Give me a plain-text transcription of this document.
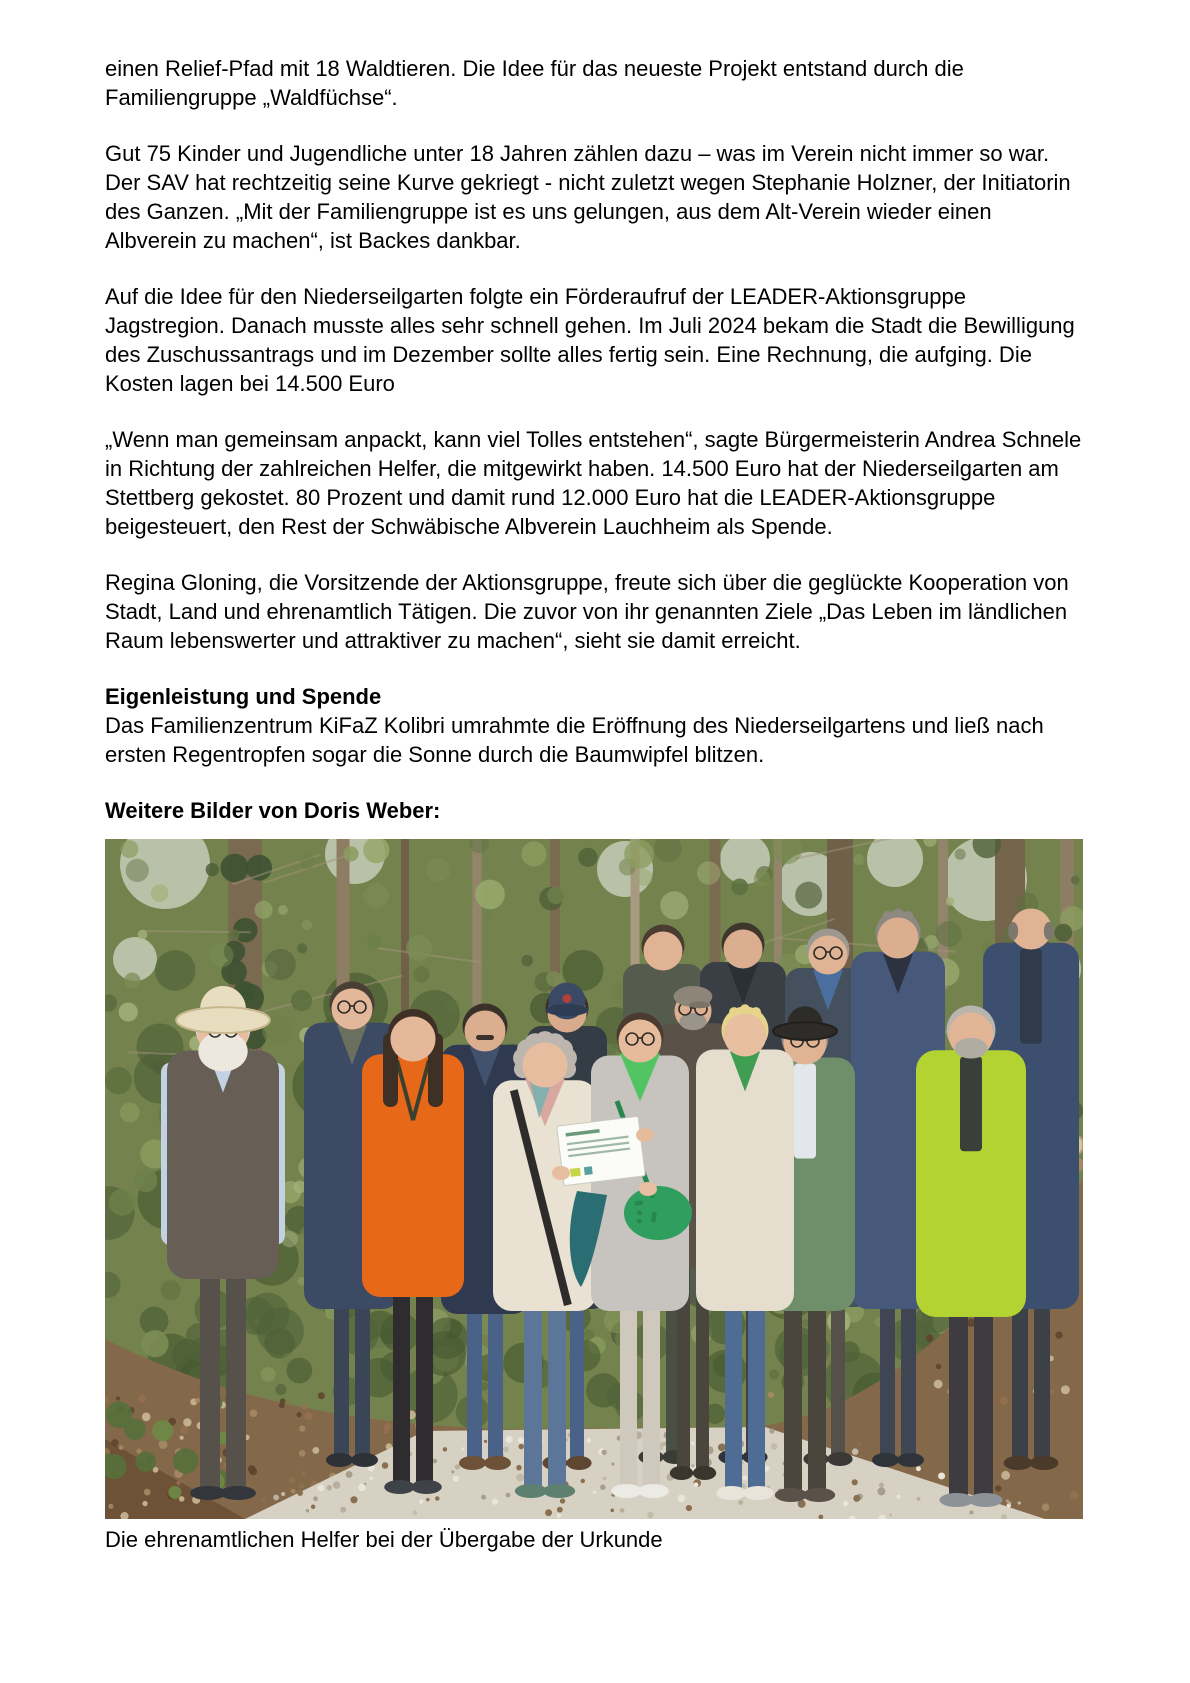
einen Relief-Pfad mit 18 Waldtieren. Die Idee für das neueste Projekt entstand durch die Familiengruppe „Waldfüchse“.

Gut 75 Kinder und Jugendliche unter 18 Jahren zählen dazu – was im Verein nicht immer so war. Der SAV hat rechtzeitig seine Kurve gekriegt - nicht zuletzt wegen Stephanie Holzner, der Initiatorin des Ganzen. „Mit der Familiengruppe ist es uns gelungen, aus dem Alt-Verein wieder einen Albverein zu machen“, ist Backes dankbar.

Auf die Idee für den Niederseilgarten folgte ein Förderaufruf der LEADER-Aktionsgruppe Jagstregion. Danach musste alles sehr schnell gehen. Im Juli 2024 bekam die Stadt die Bewilligung des Zuschussantrags und im Dezember sollte alles fertig sein. Eine Rechnung, die aufging. Die Kosten lagen bei 14.500 Euro

„Wenn man gemeinsam anpackt, kann viel Tolles entstehen“, sagte Bürgermeisterin Andrea Schnele in Richtung der zahlreichen Helfer, die mitgewirkt haben. 14.500 Euro hat der Niederseilgarten am Stettberg gekostet. 80 Prozent und damit rund 12.000 Euro hat die LEADER-Aktionsgruppe beigesteuert, den Rest der Schwäbische Albverein Lauchheim als Spende.

Regina Gloning, die Vorsitzende der Aktionsgruppe, freute sich über die geglückte Kooperation von Stadt, Land und ehrenamtlich Tätigen. Die zuvor von ihr genannten Ziele „Das Leben im ländlichen Raum lebenswerter und attraktiver zu machen“, sieht sie damit erreicht.

Eigenleistung und Spende

Das Familienzentrum KiFaZ Kolibri umrahmte die Eröffnung des Niederseilgartens und ließ nach ersten Regentropfen sogar die Sonne durch die Baumwipfel blitzen.

Weitere Bilder von Doris Weber:

Die ehrenamtlichen Helfer bei der Übergabe der Urkunde
